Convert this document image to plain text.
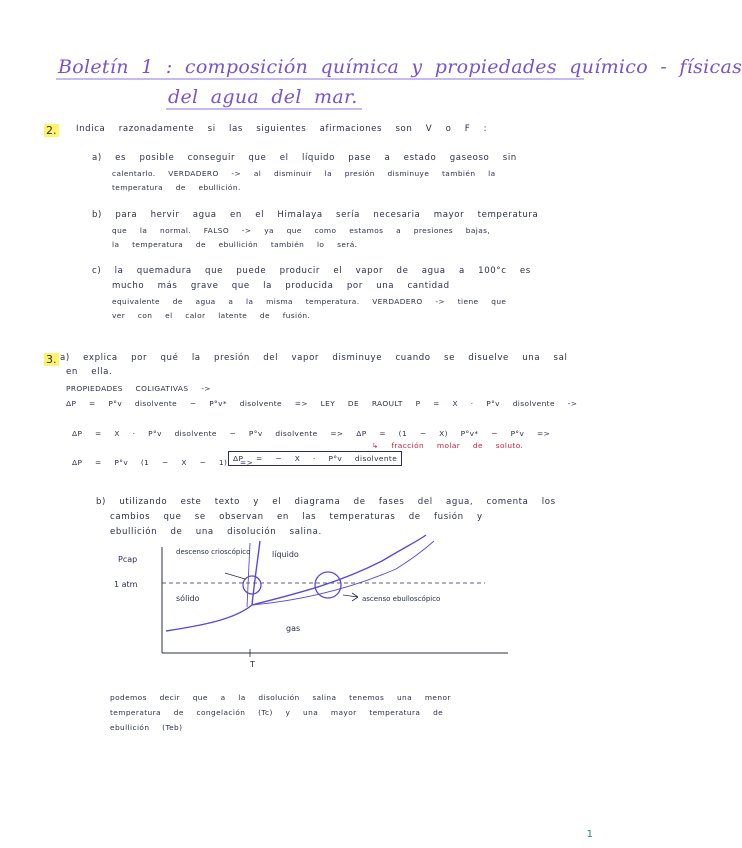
Boletín 1 : composición química y propiedades químico - físicas
del agua del mar.
2. Indica razonadamente si las siguientes afirmaciones son V o F :
a) es posible conseguir que el líquido pase a estado gaseoso sin
calentarlo. VERDADERO -> al disminuir la presión disminuye también la
temperatura de ebullición.
b) para hervir agua en el Himalaya sería necesaria mayor temperatura
que la normal. FALSO -> ya que como estamos a presiones bajas,
la temperatura de ebullición también lo será.
c) la quemadura que puede producir el vapor de agua a 100°c es
mucho más grave que la producida por una cantidad
equivalente de agua a la misma temperatura. VERDADERO -> tiene que
ver con el calor latente de fusión.
3. a) explica por qué la presión del vapor disminuye cuando se disuelve una sal
en ella.
PROPIEDADES COLIGATIVAS ->
ΔP = P°v disolvente − P°v* disolvente => LEY DE RAOULT P = X · P°v disolvente ->
ΔP = X · P°v disolvente − P°v disolvente => ΔP = (1 − X) P°v* − P°v =>
↳ fracción molar de soluto.
ΔP = P°v (1 − X − 1) =>
ΔP = − X · P°v disolvente
b) utilizando este texto y el diagrama de fases del agua, comenta los
cambios que se observan en las temperaturas de fusión y
ebullición de una disolución salina.
Pcap
1 atm
T
descenso crioscópico	líquido
sólido
gas
ascenso ebulloscópico
podemos decir que a la disolución salina tenemos una menor
temperatura de congelación (Tc) y una mayor temperatura de
ebullición (Teb)
1
